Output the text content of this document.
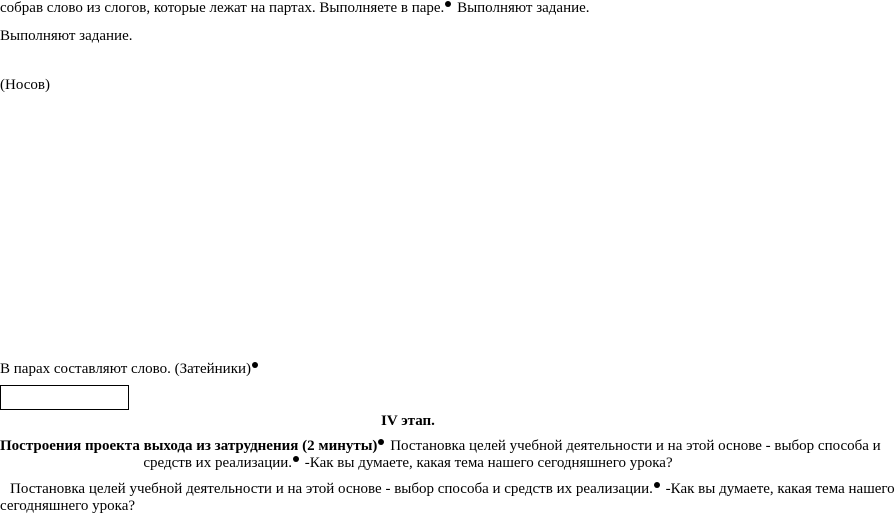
собрав слово из слогов, которые лежат на партах. Выполняете в паре. Выполняют задание.
Выполняют задание.
(Носов)
В парах составляют слово. (Затейники)
IV этап.
Построения проекта выхода из затруднения (2 минуты) Постановка целей учебной деятельности и на этой основе - выбор способа и
средств их реализации. -Как вы думаете, какая тема нашего сегодняшнего урока?
Постановка целей учебной деятельности и на этой основе - выбор способа и средств их реализации. -Как вы думаете, какая тема нашего
сегодняшнего урока?
